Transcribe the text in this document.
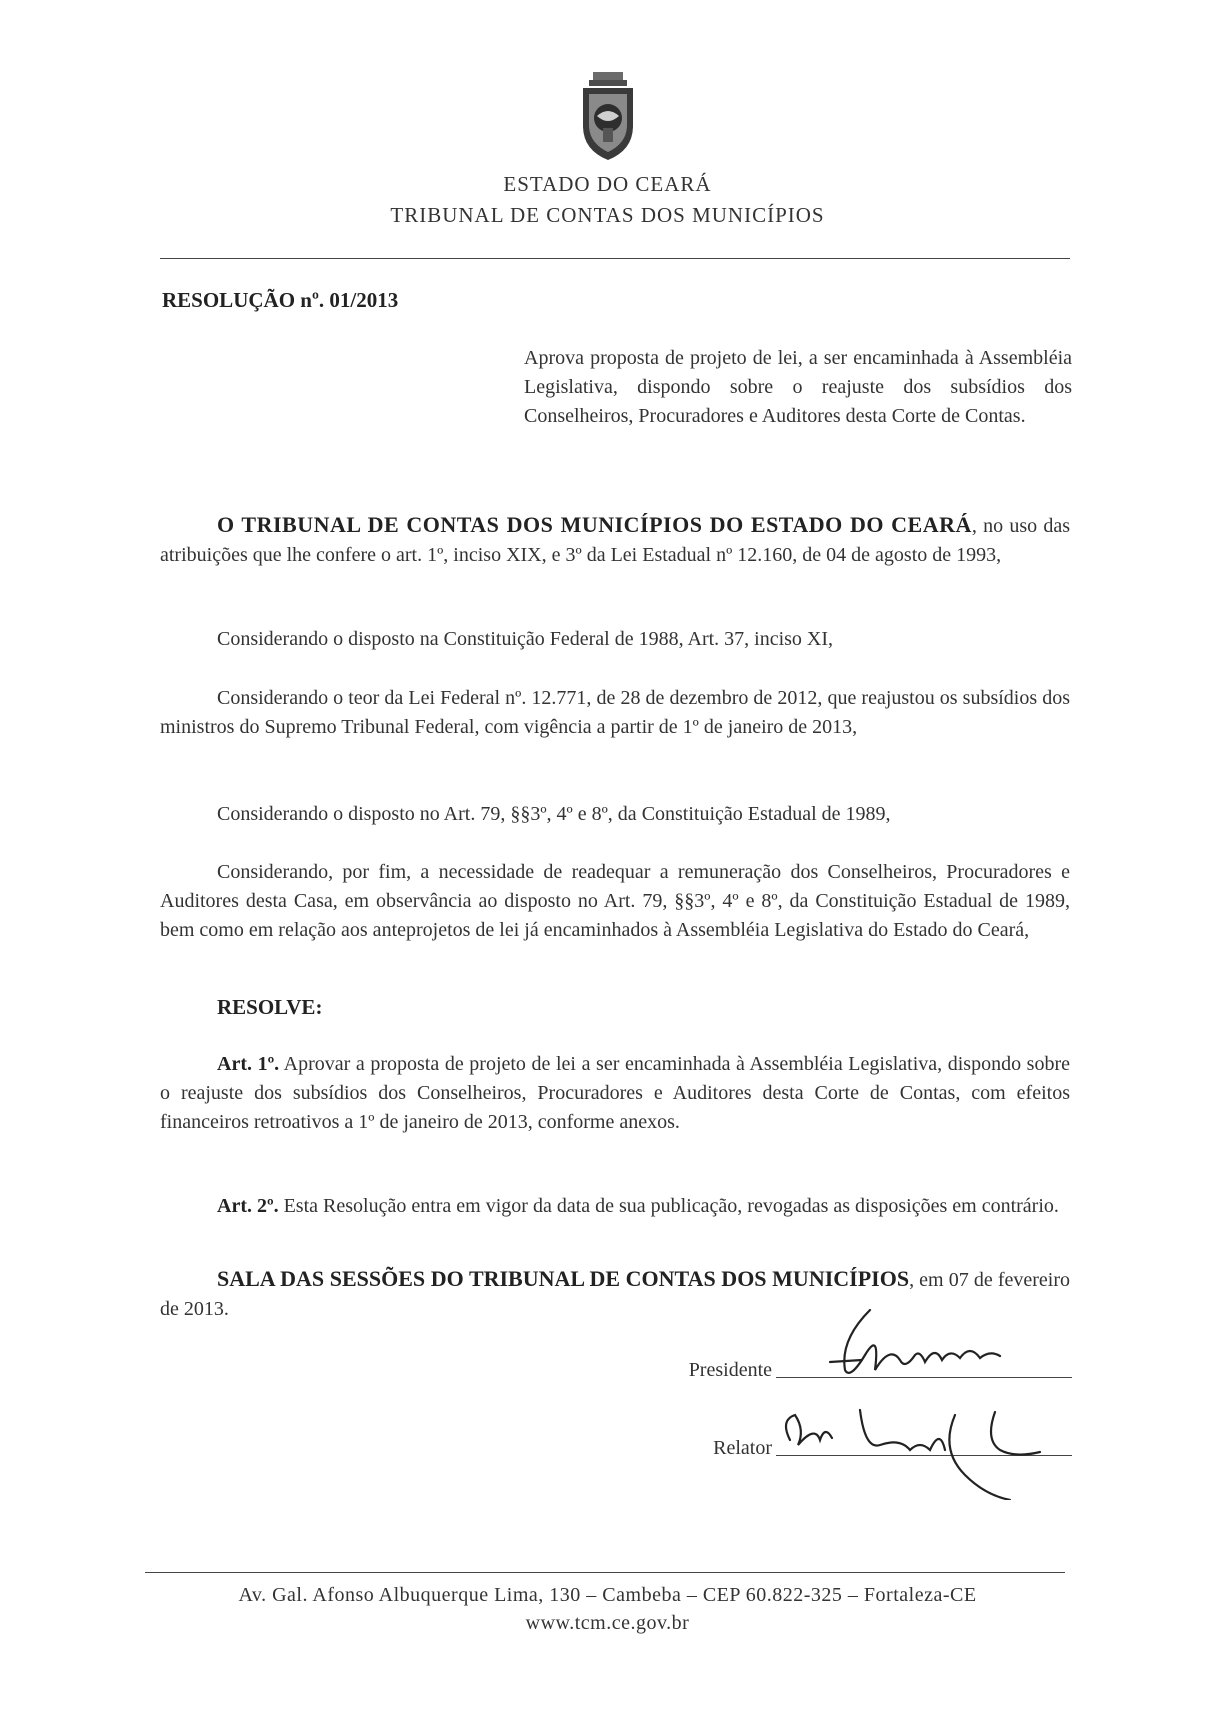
ESTADO DO CEARÁ
TRIBUNAL DE CONTAS DOS MUNICÍPIOS
RESOLUÇÃO nº. 01/2013
Aprova proposta de projeto de lei, a ser encaminhada à Assembléia Legislativa, dispondo sobre o reajuste dos subsídios dos Conselheiros, Procuradores e Auditores desta Corte de Contas.
O TRIBUNAL DE CONTAS DOS MUNICÍPIOS DO ESTADO DO CEARÁ, no uso das atribuições que lhe confere o art. 1º, inciso XIX, e 3º da Lei Estadual nº 12.160, de 04 de agosto de 1993,
Considerando o disposto na Constituição Federal de 1988, Art. 37, inciso XI,
Considerando o teor da Lei Federal nº. 12.771, de 28 de dezembro de 2012, que reajustou os subsídios dos ministros do Supremo Tribunal Federal, com vigência a partir de 1º de janeiro de 2013,
Considerando o disposto no Art. 79, §§3º, 4º e 8º, da Constituição Estadual de 1989,
Considerando, por fim, a necessidade de readequar a remuneração dos Conselheiros, Procuradores e Auditores desta Casa, em observância ao disposto no Art. 79, §§3º, 4º e 8º, da Constituição Estadual de 1989, bem como em relação aos anteprojetos de lei já encaminhados à Assembléia Legislativa do Estado do Ceará,
RESOLVE:
Art. 1º. Aprovar a proposta de projeto de lei a ser encaminhada à Assembléia Legislativa, dispondo sobre o reajuste dos subsídios dos Conselheiros, Procuradores e Auditores desta Corte de Contas, com efeitos financeiros retroativos a 1º de janeiro de 2013, conforme anexos.
Art. 2º. Esta Resolução entra em vigor da data de sua publicação, revogadas as disposições em contrário.
SALA DAS SESSÕES DO TRIBUNAL DE CONTAS DOS MUNICÍPIOS, em 07 de fevereiro de 2013.
Presidente
Relator
Av. Gal. Afonso Albuquerque Lima, 130 – Cambeba – CEP 60.822-325 – Fortaleza-CE
www.tcm.ce.gov.br
